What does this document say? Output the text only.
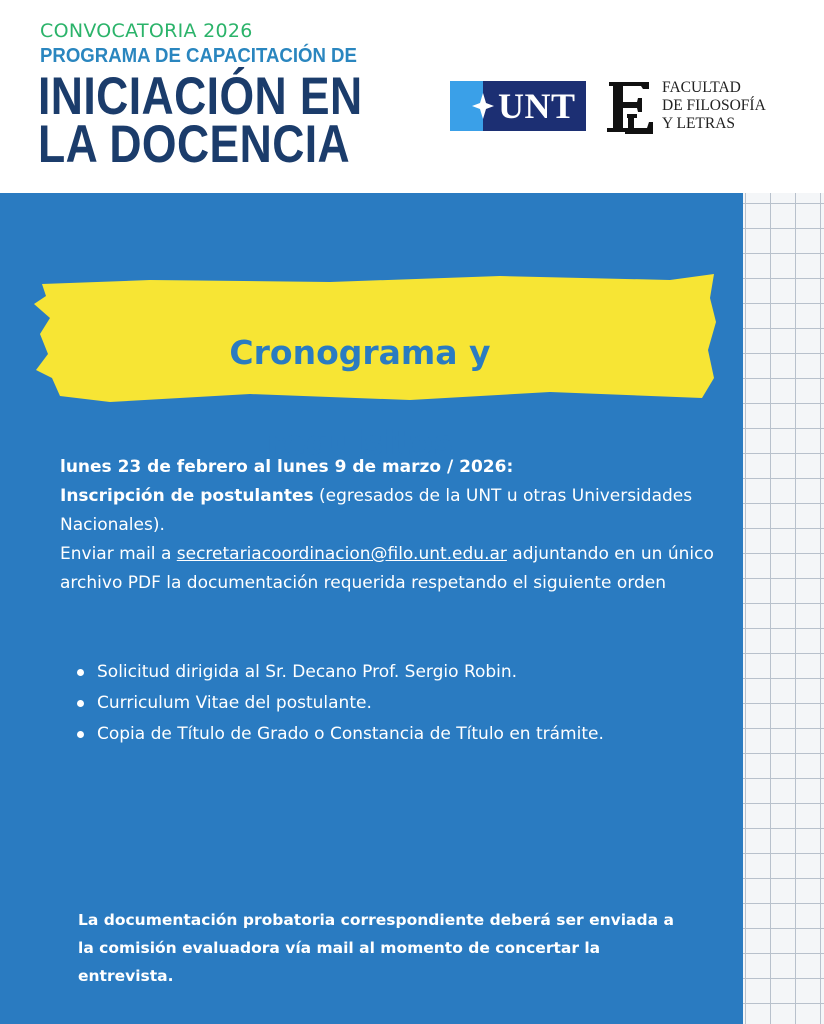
CONVOCATORIA 2026
PROGRAMA DE CAPACITACIÓN DE
INICIACIÓN EN
LA DOCENCIA
UNT	FACULTAD
DE FILOSOFÍA
Y LETRAS

Cronograma y

requisitos

lunes 23 de febrero al lunes 9 de marzo / 2026:

Inscripción de postulantes (egresados de la UNT u otras Universidades Nacionales).

Enviar mail a secretariacoordinacion@filo.unt.edu.ar adjuntando en un único archivo PDF la documentación requerida respetando el siguiente orden

Solicitud dirigida al Sr. Decano Prof. Sergio Robin.
Curriculum Vitae del postulante.
Copia de Título de Grado o Constancia de Título en trámite.
La documentación probatoria correspondiente deberá ser enviada a la comisión evaluadora vía mail al momento de concertar la entrevista.
